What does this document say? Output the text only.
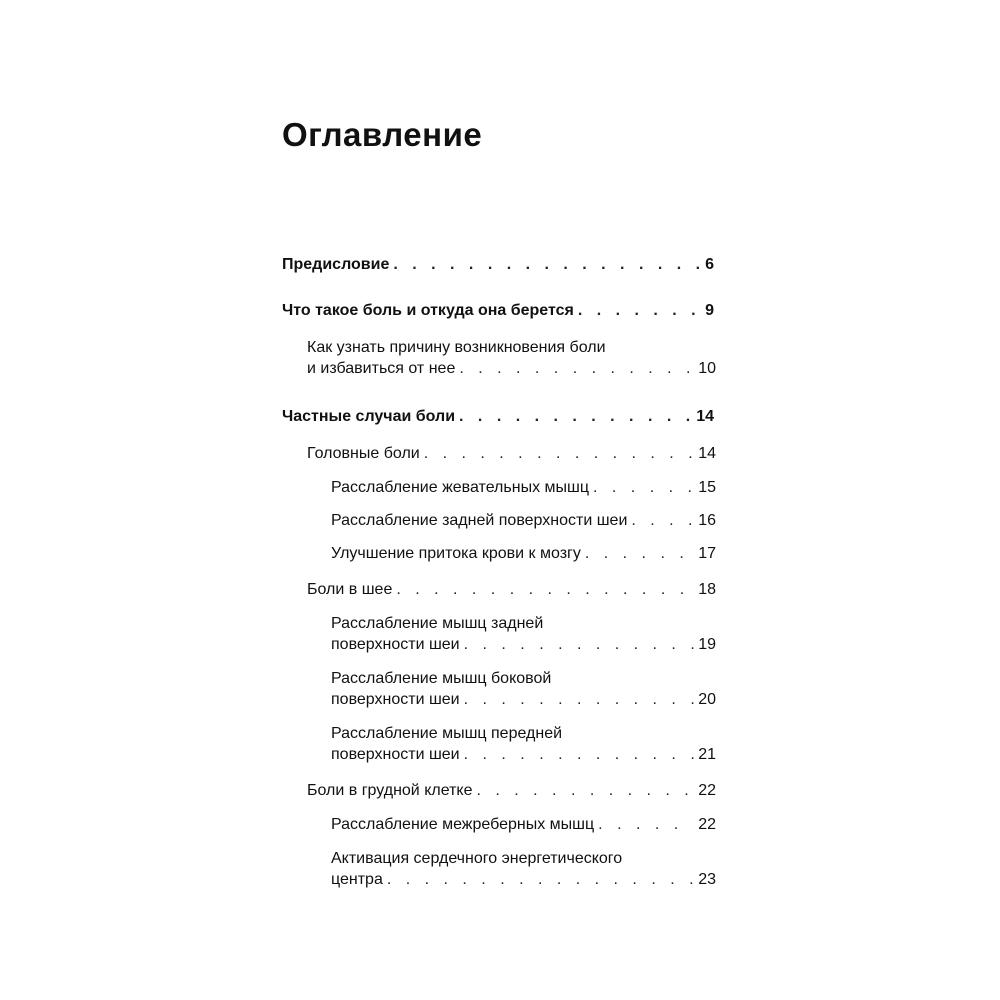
Оглавление
Предисловие . . .	6
Что такое боль и откуда она берется . . .	9
Как узнать причину возникновения боли
и избавиться от нее . . .	10
Частные случаи боли . . .	14
Головные боли . . .	14
Расслабление жевательных мышц . . .	15
Расслабление задней поверхности шеи . . .	16
Улучшение притока крови к мозгу . . .	17
Боли в шее . . .	18
Расслабление мышц задней
поверхности шеи . . .	19
Расслабление мышц боковой
поверхности шеи . . .	20
Расслабление мышц передней
поверхности шеи . . .	21
Боли в грудной клетке . . .	22
Расслабление межреберных мышц . . .	22
Активация сердечного энергетического
центра . . .	23
